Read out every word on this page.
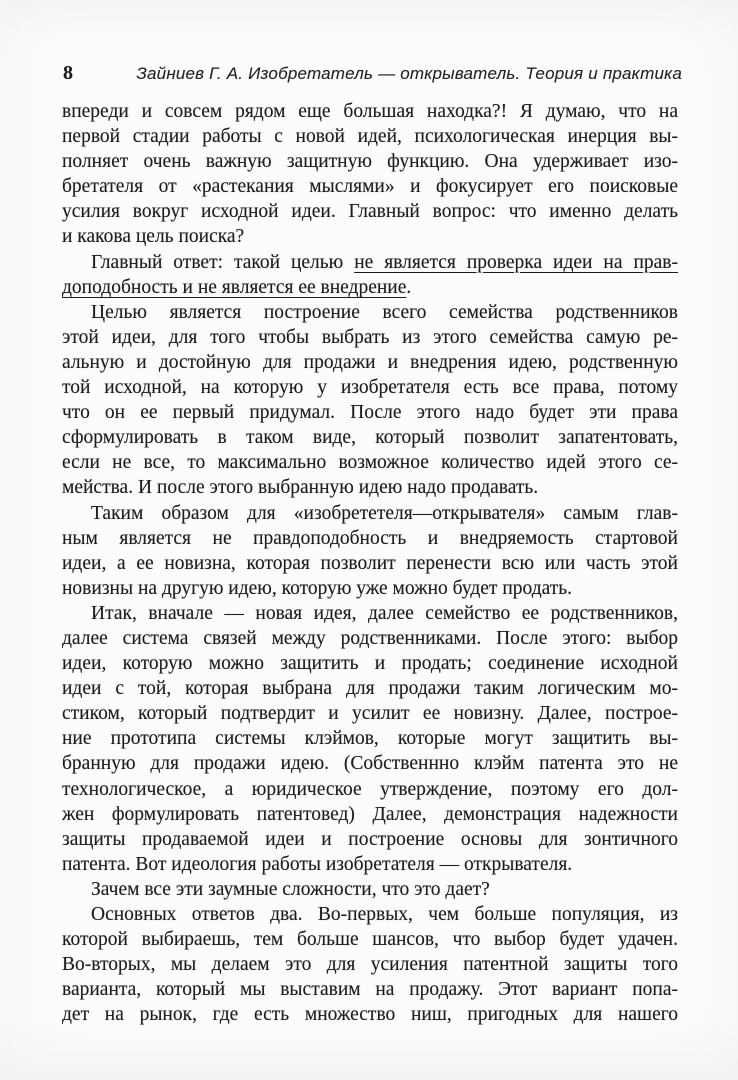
8	Зайниев Г. А. Изобретатель — открыватель. Теория и практика
впереди и совсем рядом еще большая находка?! Я думаю, что на
первой стадии работы с новой идей, психологическая инерция вы-
полняет очень важную защитную функцию. Она удерживает изо-
бретателя от «растекания мыслями» и фокусирует его поисковые
усилия вокруг исходной идеи. Главный вопрос: что именно делать
и какова цель поиска?
Главный ответ: такой целью не является проверка идеи на прав-
доподобность и не является ее внедрение.
Целью является построение всего семейства родственников
этой идеи, для того чтобы выбрать из этого семейства самую ре-
альную и достойную для продажи и внедрения идею, родственную
той исходной, на которую у изобретателя есть все права, потому
что он ее первый придумал. После этого надо будет эти права
сформулировать в таком виде, который позволит запатентовать,
если не все, то максимально возможное количество идей этого се-
мейства. И после этого выбранную идею надо продавать.
Таким образом для «изобрететеля—открывателя» самым глав-
ным является не правдоподобность и внедряемость стартовой
идеи, а ее новизна, которая позволит перенести всю или часть этой
новизны на другую идею, которую уже можно будет продать.
Итак, вначале — новая идея, далее семейство ее родственников,
далее система связей между родственниками. После этого: выбор
идеи, которую можно защитить и продать; соединение исходной
идеи с той, которая выбрана для продажи таким логическим мо-
стиком, который подтвердит и усилит ее новизну. Далее, построе-
ние прототипа системы клэймов, которые могут защитить вы-
бранную для продажи идею. (Собственнно клэйм патента это не
технологическое, а юридическое утверждение, поэтому его дол-
жен формулировать патентовед) Далее, демонстрация надежности
защиты продаваемой идеи и построение основы для зонтичного
патента. Вот идеология работы изобретателя — открывателя.
Зачем все эти заумные сложности, что это дает?
Основных ответов два. Во-первых, чем больше популяция, из
которой выбираешь, тем больше шансов, что выбор будет удачен.
Во-вторых, мы делаем это для усиления патентной защиты того
варианта, который мы выставим на продажу. Этот вариант попа-
дет на рынок, где есть множество ниш, пригодных для нашего
